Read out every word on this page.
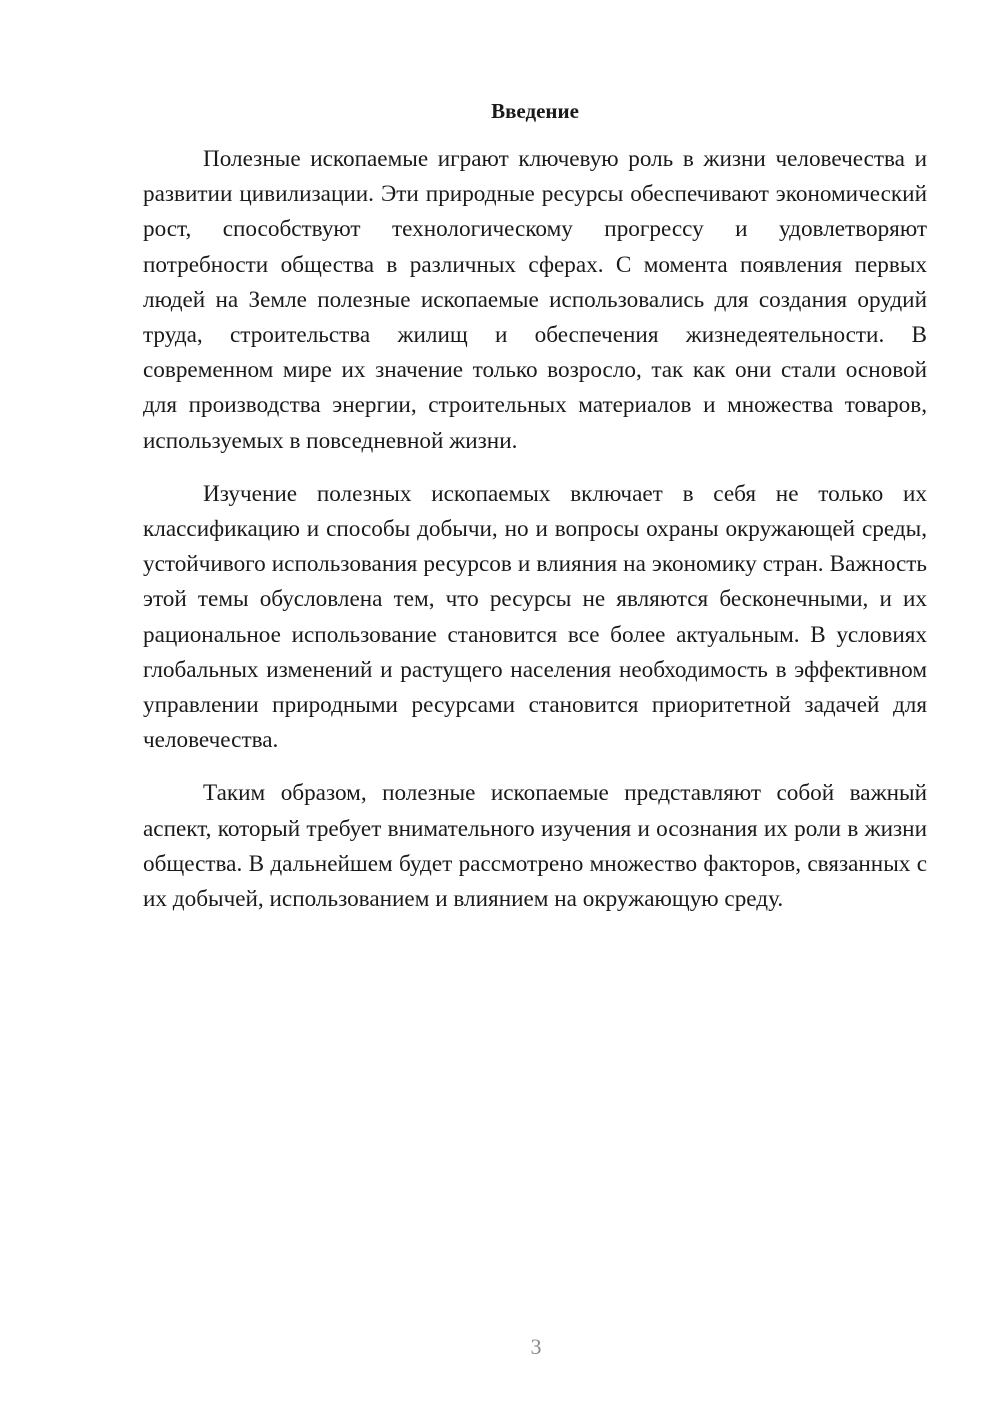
Введение

Полезные ископаемые играют ключевую роль в жизни человечества и развитии цивилизации. Эти природные ресурсы обеспечивают экономический рост, способствуют технологическому прогрессу и удовлетворяют потребности общества в различных сферах. С момента появления первых людей на Земле полезные ископаемые использовались для создания орудий труда, строительства жилищ и обеспечения жизнедеятельности. В современном мире их значение только возросло, так как они стали основой для производства энергии, строительных материалов и множества товаров, используемых в повседневной жизни.

Изучение полезных ископаемых включает в себя не только их классификацию и способы добычи, но и вопросы охраны окружающей среды, устойчивого использования ресурсов и влияния на экономику стран. Важность этой темы обусловлена тем, что ресурсы не являются бесконечными, и их рациональное использование становится все более актуальным. В условиях глобальных изменений и растущего населения необходимость в эффективном управлении природными ресурсами становится приоритетной задачей для человечества.

Таким образом, полезные ископаемые представляют собой важный аспект, который требует внимательного изучения и осознания их роли в жизни общества. В дальнейшем будет рассмотрено множество факторов, связанных с их добычей, использованием и влиянием на окружающую среду.

3
